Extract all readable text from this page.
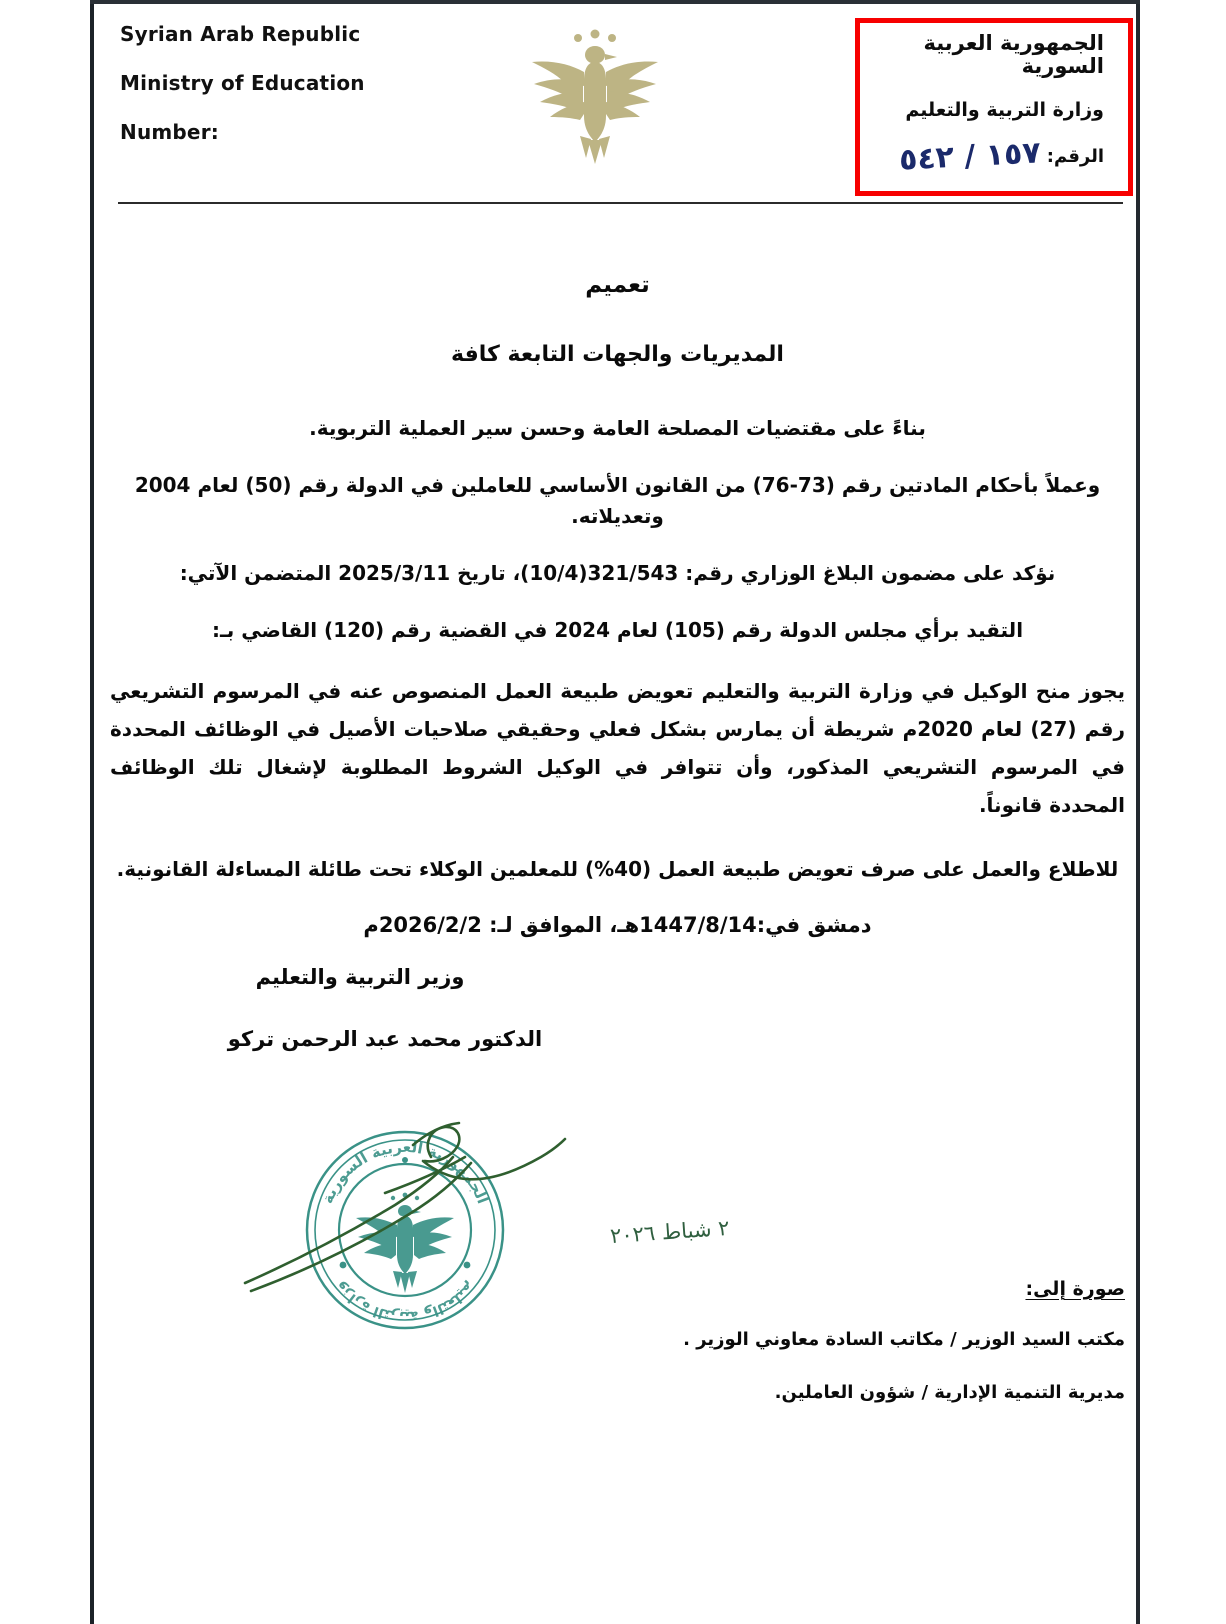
Syrian Arab Republic
Ministry of Education
Number:
الجمهورية العربية السورية
وزارة التربية والتعليم
الرقم:
١٥٧ / ٥٤٢
تعميم
المديريات والجهات التابعة كافة
بناءً على مقتضيات المصلحة العامة وحسن سير العملية التربوية.
وعملاً بأحكام المادتين رقم (73-76) من القانون الأساسي للعاملين في الدولة رقم (50) لعام 2004 وتعديلاته.
نؤكد على مضمون البلاغ الوزاري رقم: 321/543(10/4)، تاريخ 2025/3/11 المتضمن الآتي:
التقيد برأي مجلس الدولة رقم (105) لعام 2024 في القضية رقم (120) القاضي بـ:
يجوز منح الوكيل في وزارة التربية والتعليم تعويض طبيعة العمل المنصوص عنه في المرسوم التشريعي رقم (27) لعام 2020م شريطة أن يمارس بشكل فعلي وحقيقي صلاحيات الأصيل في الوظائف المحددة في المرسوم التشريعي المذكور، وأن تتوافر في الوكيل الشروط المطلوبة لإشغال تلك الوظائف المحددة قانوناً.
للاطلاع والعمل على صرف تعويض طبيعة العمل (40%) للمعلمين الوكلاء تحت طائلة المساءلة القانونية.
دمشق في:1447/8/14هـ، الموافق لـ: 2026/2/2م
وزير التربية والتعليم
الدكتور محمد عبد الرحمن تركو
الجمهورية العربية السورية
وزارة التربية والتعليم
٢ شباط ٢٠٢٦
صورة إلى:
مكتب السيد الوزير / مكاتب السادة معاوني الوزير .
مديرية التنمية الإدارية / شؤون العاملين.
